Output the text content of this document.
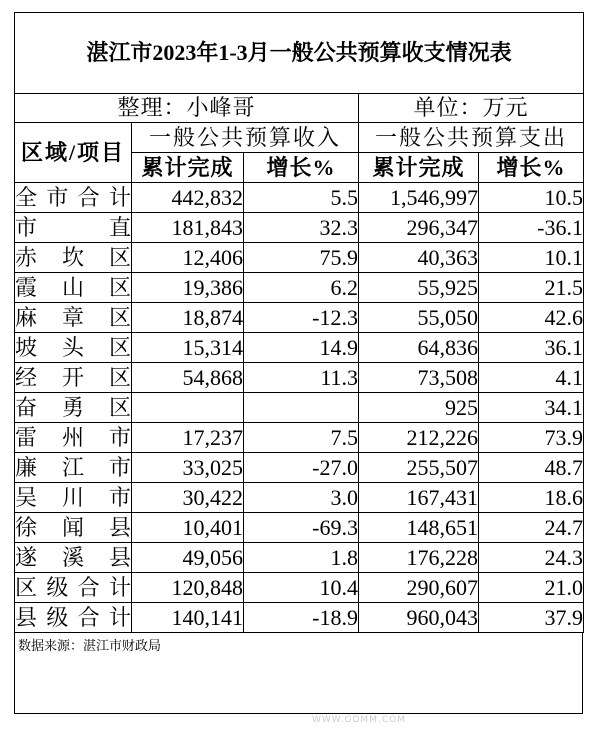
湛江市2023年1-3月一般公共预算收支情况表				
整理：小峰哥			单位：万元	
区域/项目	一般公共预算收入		一般公共预算支出	
	累计完成	增长%	累计完成	增长%
全市合计	442,832	5.5	1,546,997	10.5
市直	181,843	32.3	296,347	-36.1
赤坎区	12,406	75.9	40,363	10.1
霞山区	19,386	6.2	55,925	21.5
麻章区	18,874	-12.3	55,050	42.6
坡头区	15,314	14.9	64,836	36.1
经开区	54,868	11.3	73,508	4.1
奋勇区			925	34.1
雷州市	17,237	7.5	212,226	73.9
廉江市	33,025	-27.0	255,507	48.7
吴川市	30,422	3.0	167,431	18.6
徐闻县	10,401	-69.3	148,651	24.7
遂溪县	49,056	1.8	176,228	24.3
区级合计	120,848	10.4	290,607	21.0
县级合计	140,141	-18.9	960,043	37.9
数据来源：湛江市财政局
WWW.GDMM.COM
